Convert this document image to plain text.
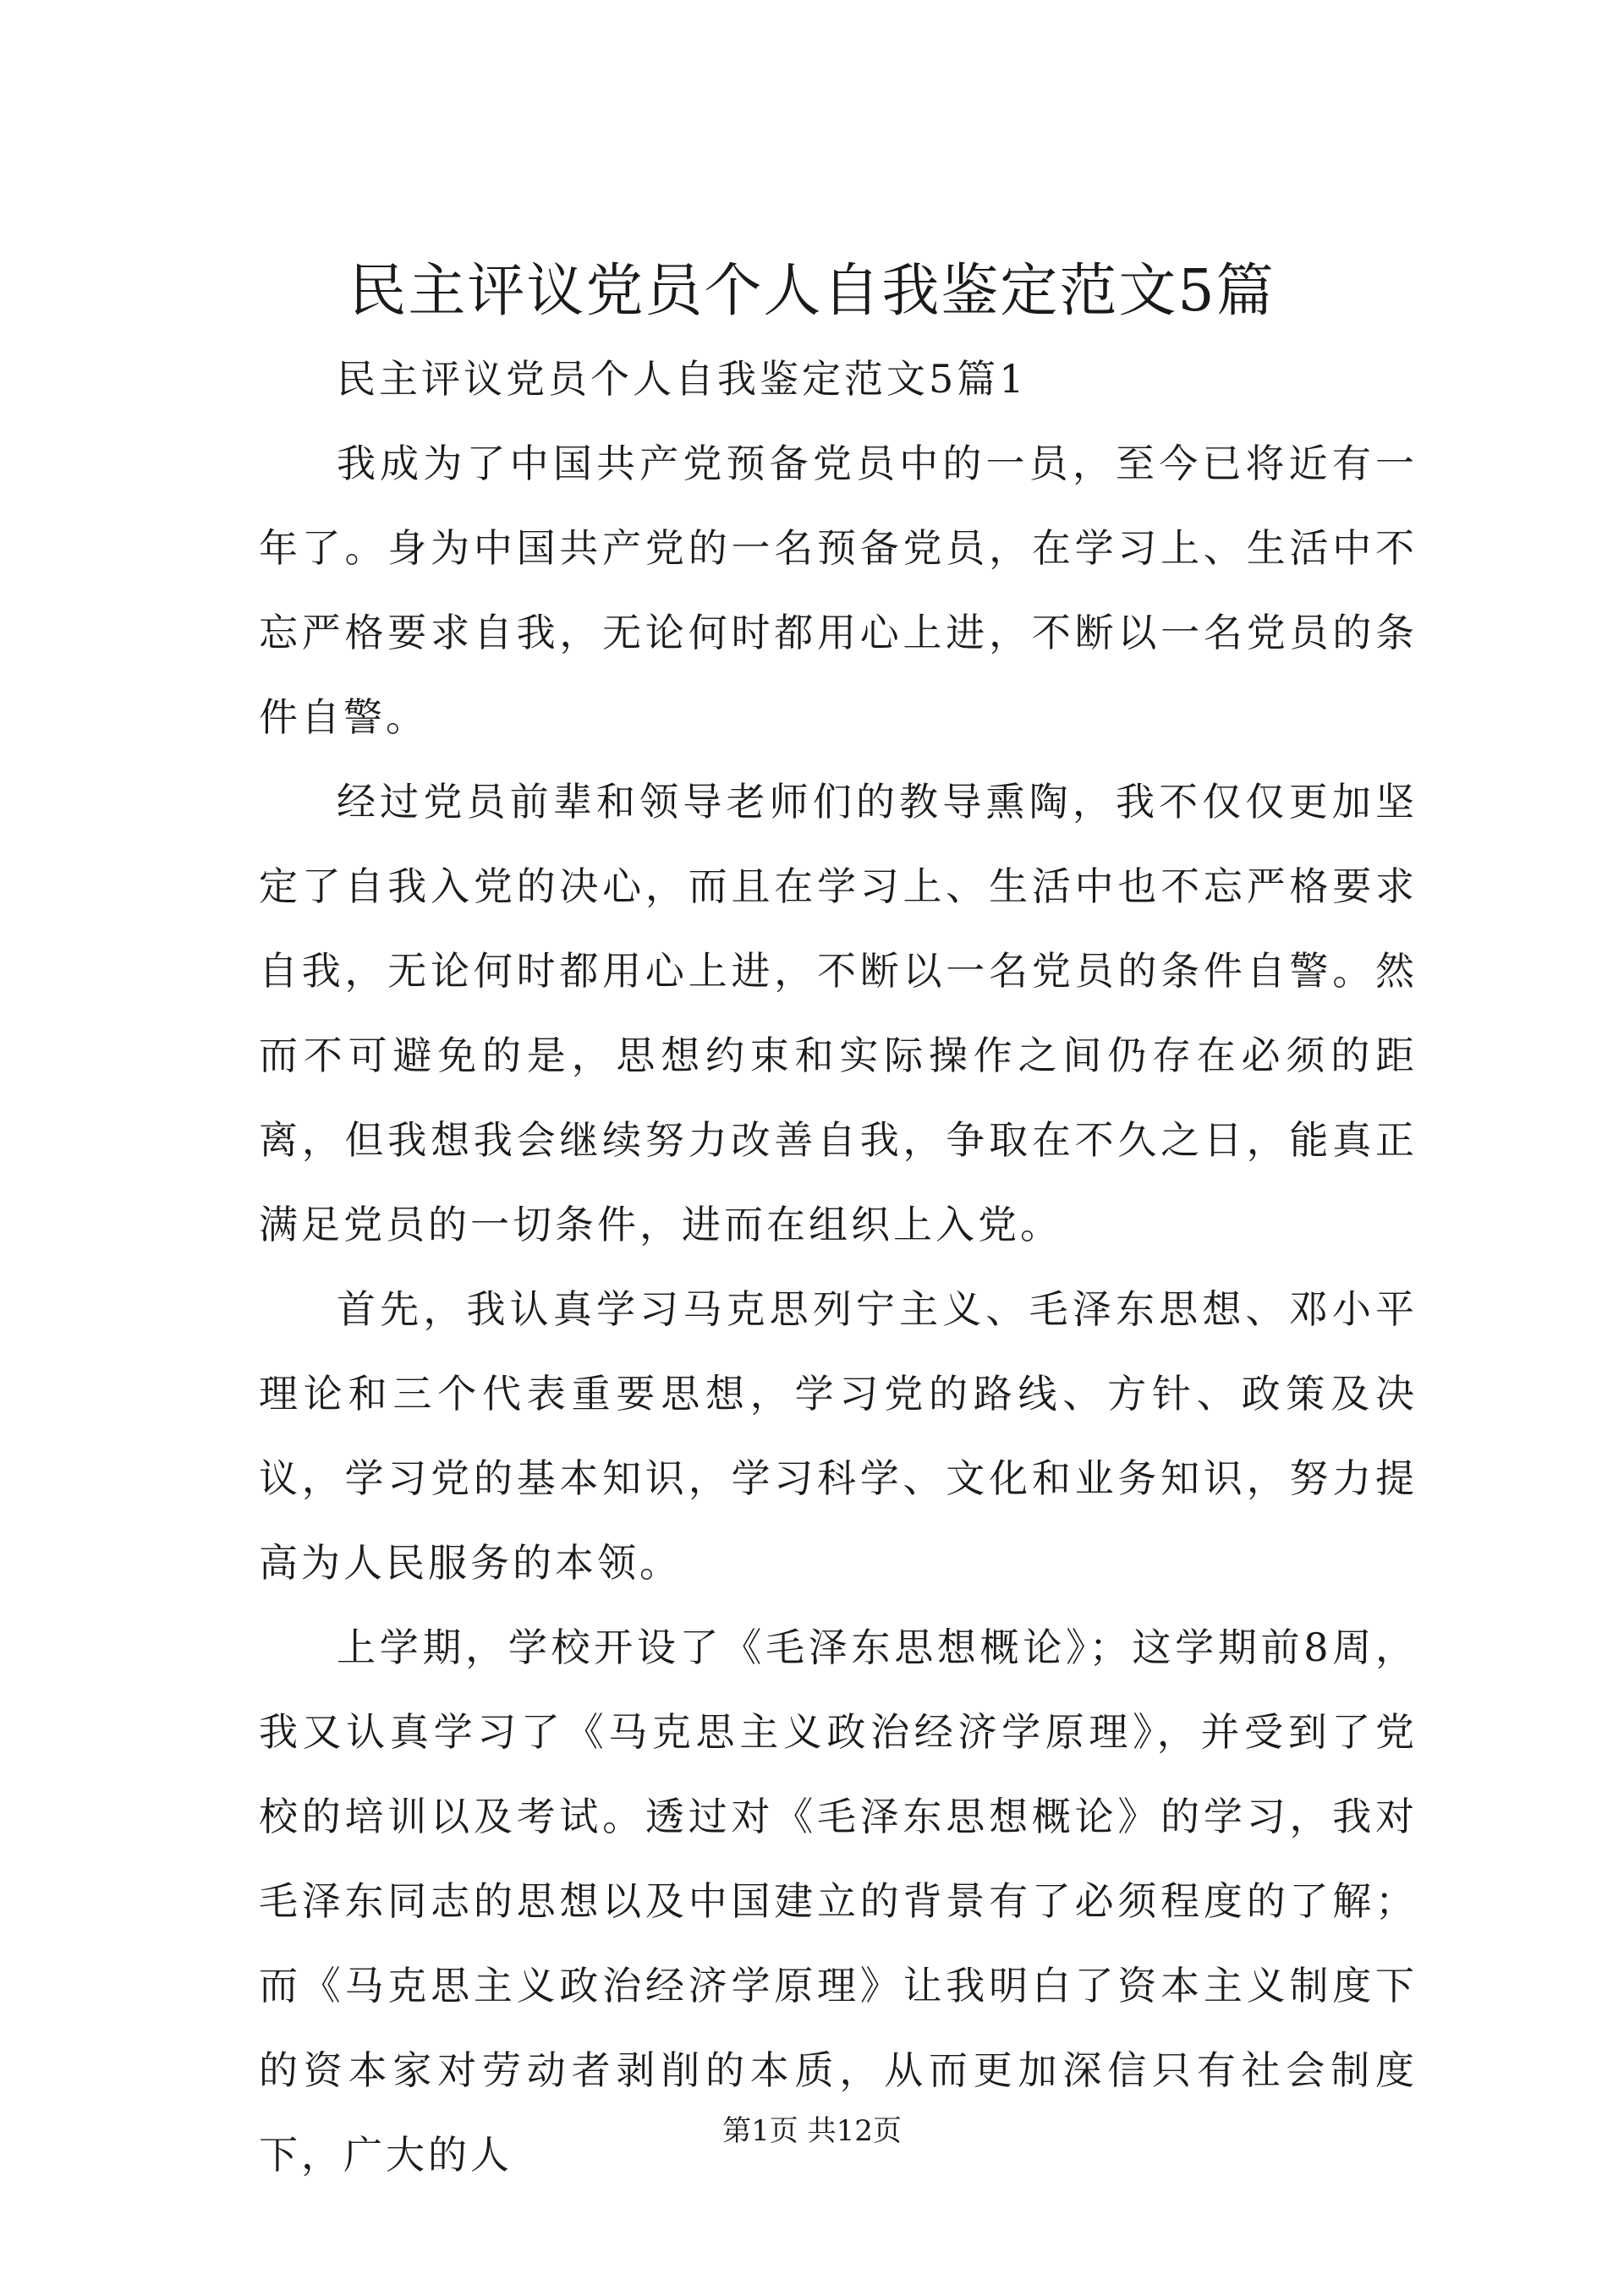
民主评议党员个人自我鉴定范文5篇

民主评议党员个人自我鉴定范文5篇1

我成为了中国共产党预备党员中的一员，至今已将近有一年了。身为中国共产党的一名预备党员，在学习上、生活中不忘严格要求自我，无论何时都用心上进，不断以一名党员的条件自警。

经过党员前辈和领导老师们的教导熏陶，我不仅仅更加坚定了自我入党的决心，而且在学习上、生活中也不忘严格要求自我，无论何时都用心上进，不断以一名党员的条件自警。然而不可避免的是，思想约束和实际操作之间仍存在必须的距离，但我想我会继续努力改善自我，争取在不久之日，能真正满足党员的一切条件，进而在组织上入党。

首先，我认真学习马克思列宁主义、毛泽东思想、邓小平理论和三个代表重要思想，学习党的路线、方针、政策及决议，学习党的基本知识，学习科学、文化和业务知识，努力提高为人民服务的本领。

上学期，学校开设了《毛泽东思想概论》；这学期前8周，我又认真学习了《马克思主义政治经济学原理》，并受到了党校的培训以及考试。透过对《毛泽东思想概论》的学习，我对毛泽东同志的思想以及中国建立的背景有了必须程度的了解；而《马克思主义政治经济学原理》让我明白了资本主义制度下的资本家对劳动者剥削的本质，从而更加深信只有社会制度下，广大的人

第1页 共12页
